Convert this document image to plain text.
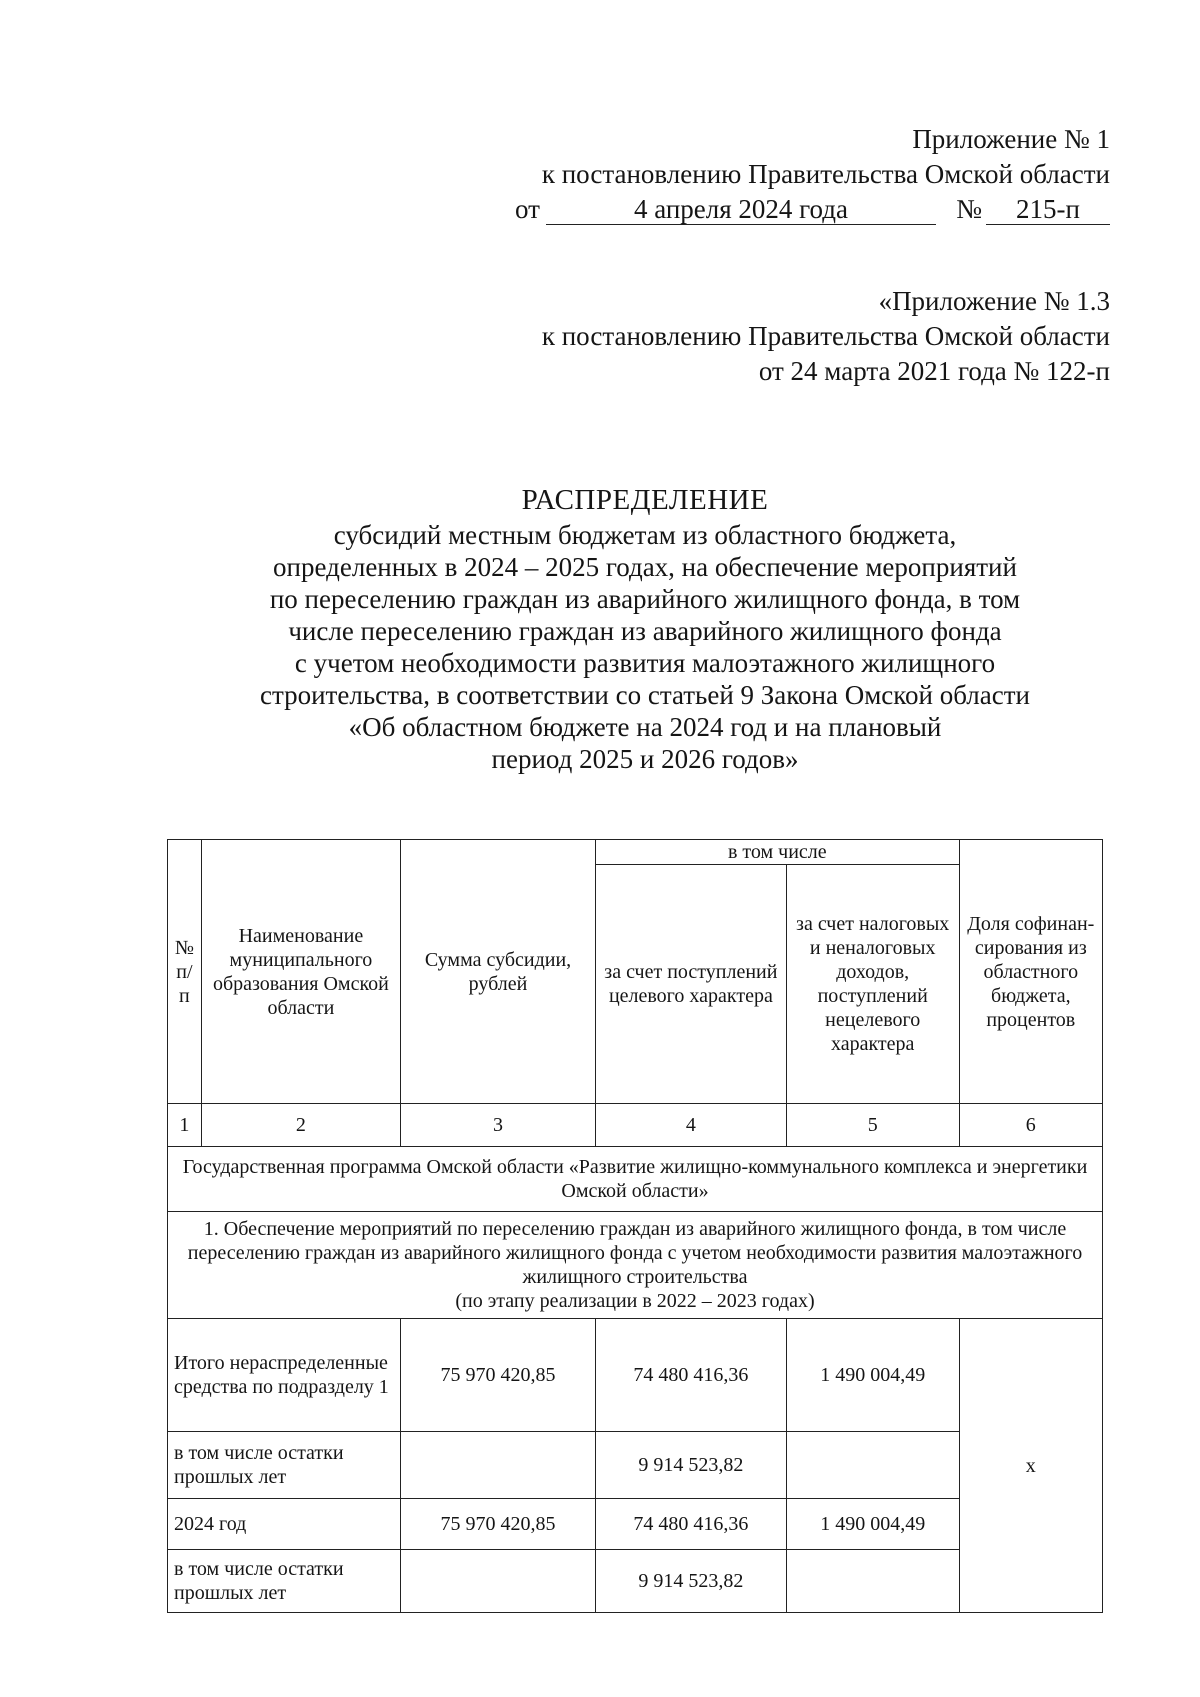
Приложение № 1
к постановлению Правительства Омской области
от	4 апреля 2024 года	№ 215-п
«Приложение № 1.3
к постановлению Правительства Омской области
от 24 марта 2021 года № 122-п
РАСПРЕДЕЛЕНИЕ
субсидий местным бюджетам из областного бюджета,
определенных в 2024 – 2025 годах, на обеспечение мероприятий
по переселению граждан из аварийного жилищного фонда, в том
числе переселению граждан из аварийного жилищного фонда
с учетом необходимости развития малоэтажного жилищного
строительства, в соответствии со статьей 9 Закона Омской области
«Об областном бюджете на 2024 год и на плановый
период 2025 и 2026 годов»
№ п/ п	Наименование муниципального образования Омской области	Сумма субсидии, рублей	в том числе		Доля софинан-сирования из областного бюджета, процентов
			за счет поступлений целевого характера	за счет налоговых и неналоговых доходов, поступлений нецелевого характера	
1	2	3	4	5	6
Государственная программа Омской области «Развитие жилищно-коммунального комплекса и энергетики Омской области»					

1. Обеспечение мероприятий по переселению граждан из аварийного жилищного фонда, в том числе переселению граждан из аварийного жилищного фонда с учетом необходимости развития малоэтажного жилищного строительства
(по этапу реализации в 2022 – 2023 годах)					

Итого нераспределенные средства по подразделу 1		75 970 420,85	74 480 416,36	1 490 004,49	х
в том числе остатки прошлых лет			9 914 523,82		
2024 год		75 970 420,85	74 480 416,36	1 490 004,49	
в том числе остатки прошлых лет			9 914 523,82		
